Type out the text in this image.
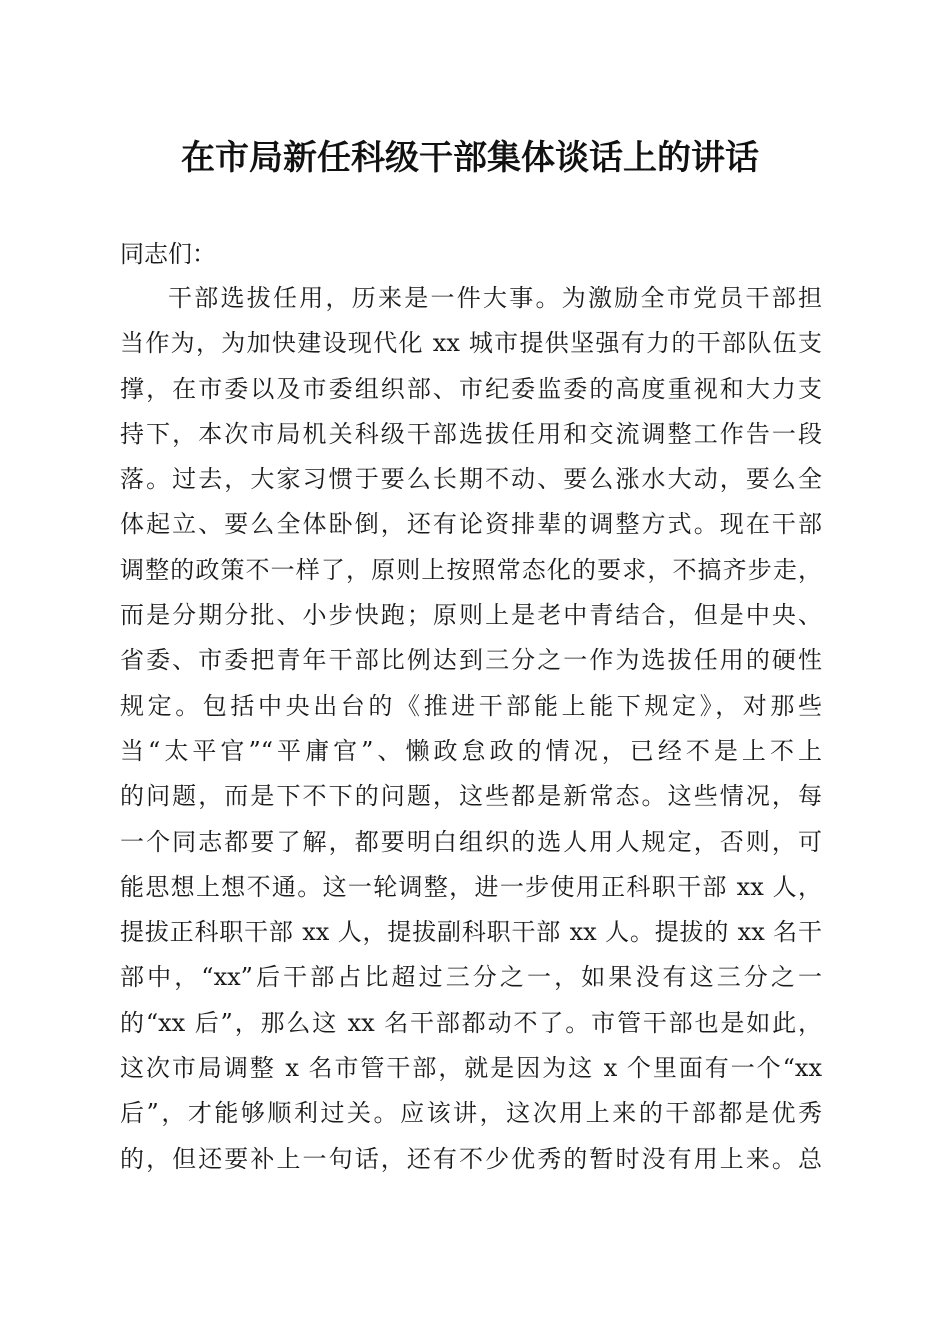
在市局新任科级干部集体谈话上的讲话
同志们：
干部选拔任用，历来是一件大事。为激励全市党员干部担
当作为，为加快建设现代化 xx 城市提供坚强有力的干部队伍支
撑，在市委以及市委组织部、市纪委监委的高度重视和大力支
持下，本次市局机关科级干部选拔任用和交流调整工作告一段
落。过去，大家习惯于要么长期不动、要么涨水大动，要么全
体起立、要么全体卧倒，还有论资排辈的调整方式。现在干部
调整的政策不一样了，原则上按照常态化的要求，不搞齐步走，
而是分期分批、小步快跑；原则上是老中青结合，但是中央、
省委、市委把青年干部比例达到三分之一作为选拔任用的硬性
规定。包括中央出台的《推进干部能上能下规定》，对那些
当“太平官”“平庸官”、懒政怠政的情况，已经不是上不上
的问题，而是下不下的问题，这些都是新常态。这些情况，每
一个同志都要了解，都要明白组织的选人用人规定，否则，可
能思想上想不通。这一轮调整，进一步使用正科职干部 xx 人，
提拔正科职干部 xx 人，提拔副科职干部 xx 人。提拔的 xx 名干
部中，“xx”后干部占比超过三分之一，如果没有这三分之一
的“xx 后”，那么这 xx 名干部都动不了。市管干部也是如此，
这次市局调整 x 名市管干部，就是因为这 x 个里面有一个“xx
后”，才能够顺利过关。应该讲，这次用上来的干部都是优秀
的，但还要补上一句话，还有不少优秀的暂时没有用上来。总
